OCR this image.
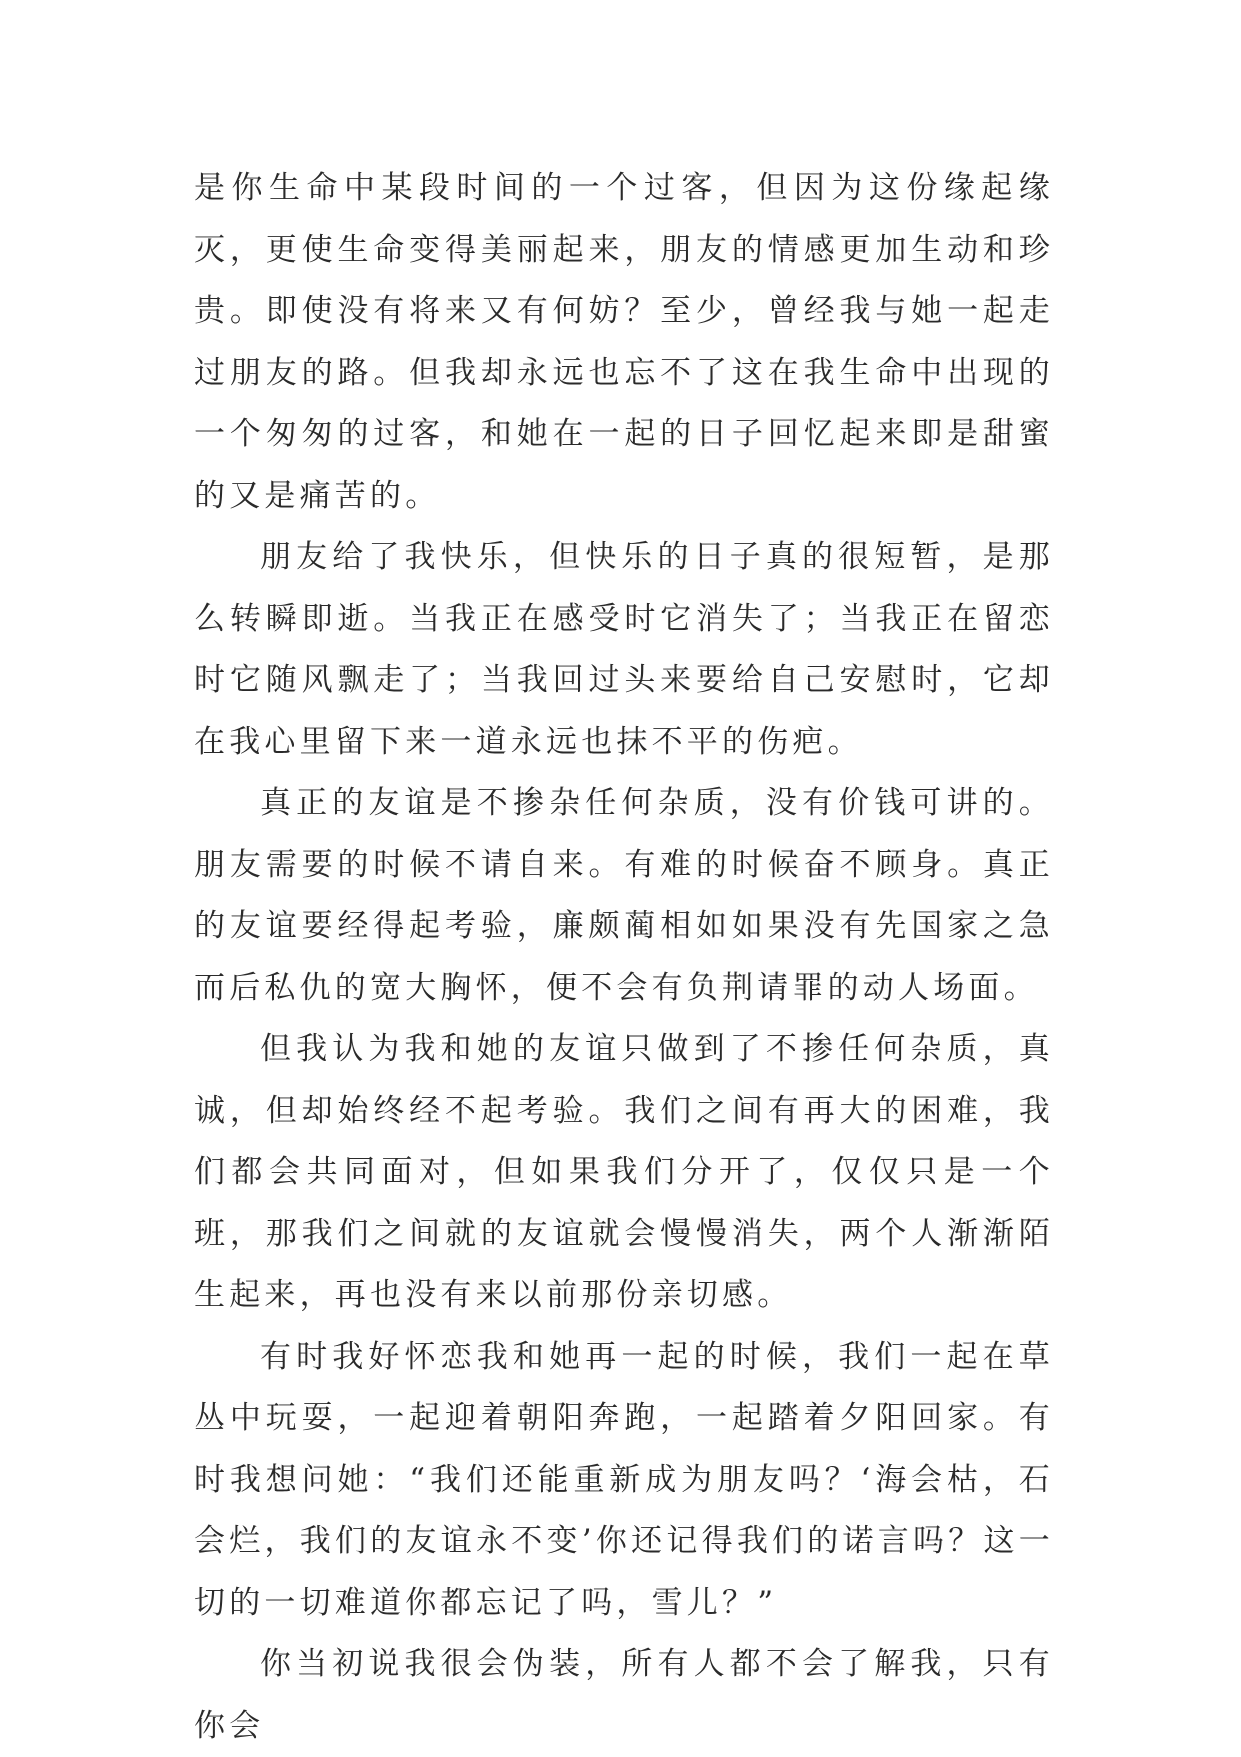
是你生命中某段时间的一个过客，但因为这份缘起缘灭，更使生命变得美丽起来，朋友的情感更加生动和珍贵。即使没有将来又有何妨？至少，曾经我与她一起走过朋友的路。但我却永远也忘不了这在我生命中出现的一个匆匆的过客，和她在一起的日子回忆起来即是甜蜜的又是痛苦的。

朋友给了我快乐，但快乐的日子真的很短暂，是那么转瞬即逝。当我正在感受时它消失了；当我正在留恋时它随风飘走了；当我回过头来要给自己安慰时，它却在我心里留下来一道永远也抹不平的伤疤。

真正的友谊是不掺杂任何杂质，没有价钱可讲的。朋友需要的时候不请自来。有难的时候奋不顾身。真正的友谊要经得起考验，廉颇蔺相如如果没有先国家之急而后私仇的宽大胸怀，便不会有负荆请罪的动人场面。

但我认为我和她的友谊只做到了不掺任何杂质，真诚，但却始终经不起考验。我们之间有再大的困难，我们都会共同面对，但如果我们分开了，仅仅只是一个班，那我们之间就的友谊就会慢慢消失，两个人渐渐陌生起来，再也没有来以前那份亲切感。

有时我好怀恋我和她再一起的时候，我们一起在草丛中玩耍，一起迎着朝阳奔跑，一起踏着夕阳回家。有时我想问她：“我们还能重新成为朋友吗？‘海会枯，石会烂，我们的友谊永不变’你还记得我们的诺言吗？这一切的一切难道你都忘记了吗，雪儿？”

你当初说我很会伪装，所有人都不会了解我，只有你会
